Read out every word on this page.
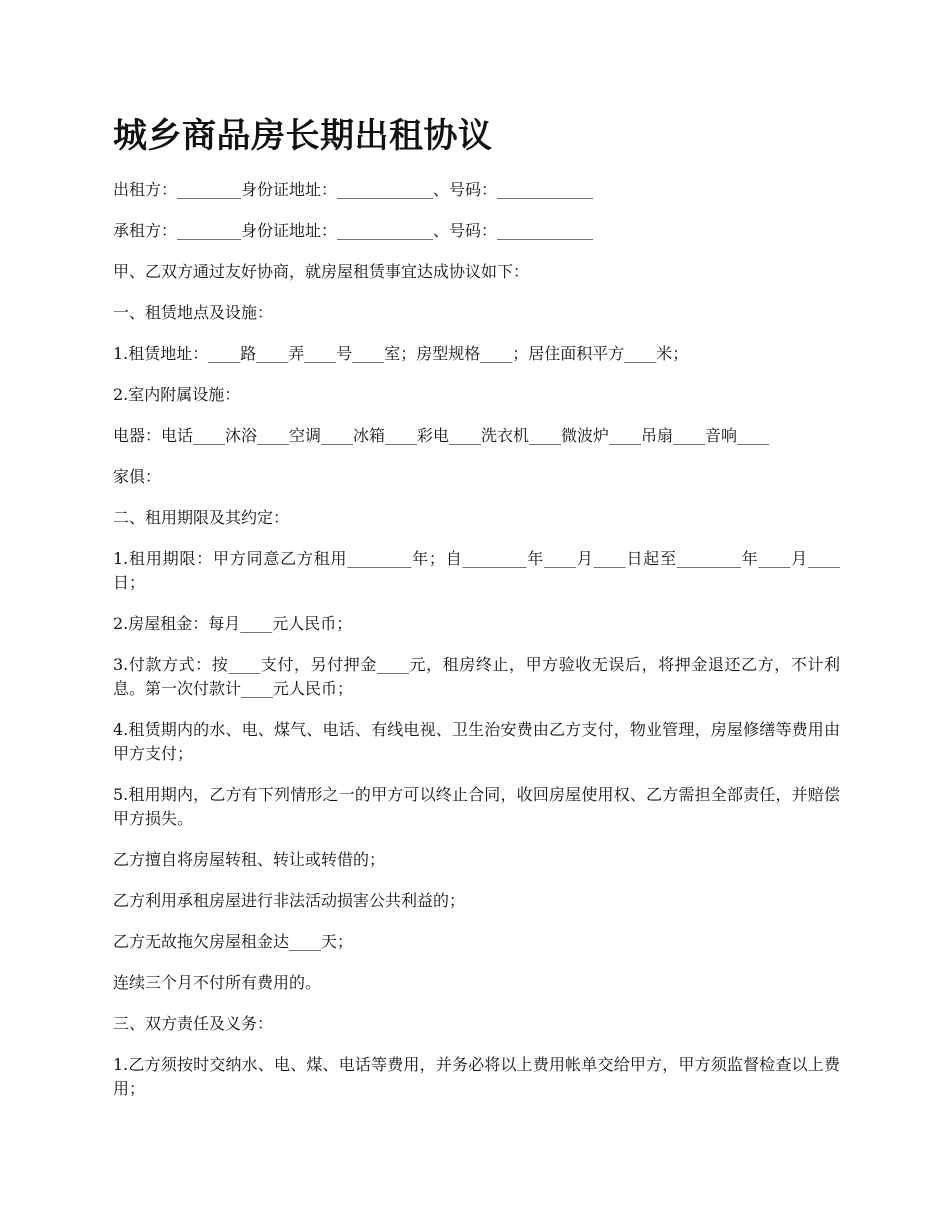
城乡商品房长期出租协议

出租方：________身份证地址：____________、号码：____________

承租方：________身份证地址：____________、号码：____________

甲、乙双方通过友好协商，就房屋租赁事宜达成协议如下：

一、租赁地点及设施：

1.租赁地址：____路____弄____号____室；房型规格____；居住面积平方____米；

2.室内附属设施：

电器：电话____沐浴____空调____冰箱____彩电____洗衣机____微波炉____吊扇____音响____

家俱：

二、租用期限及其约定：

1.租用期限：甲方同意乙方租用________年；自________年____月____日起至________年____月____日；

2.房屋租金：每月____元人民币；

3.付款方式：按____支付，另付押金____元，租房终止，甲方验收无误后，将押金退还乙方，不计利息。第一次付款计____元人民币；

4.租赁期内的水、电、煤气、电话、有线电视、卫生治安费由乙方支付，物业管理，房屋修缮等费用由甲方支付；

5.租用期内，乙方有下列情形之一的甲方可以终止合同，收回房屋使用权、乙方需担全部责任，并赔偿甲方损失。

乙方擅自将房屋转租、转让或转借的；

乙方利用承租房屋进行非法活动损害公共利益的；

乙方无故拖欠房屋租金达____天；

连续三个月不付所有费用的。

三、双方责任及义务：

1.乙方须按时交纳水、电、煤、电话等费用，并务必将以上费用帐单交给甲方，甲方须监督检查以上费用；
